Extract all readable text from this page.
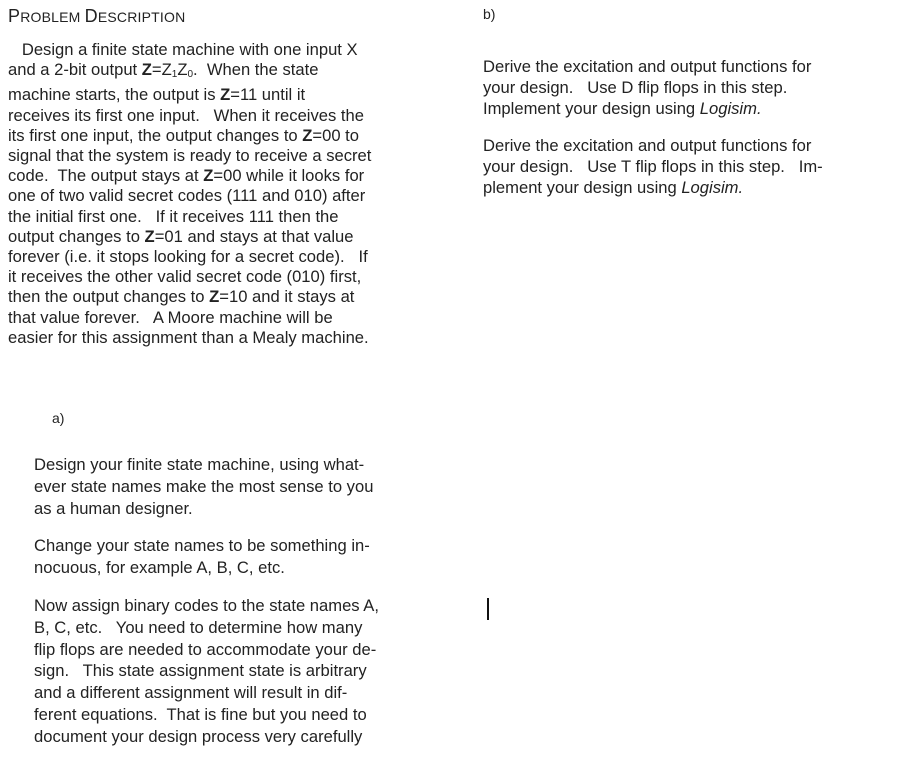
PROBLEM DESCRIPTION
Design a finite state machine with one input X
and a 2-bit output $Z=Z_1Z_0$.  When the state
machine starts, the output is Z=11 until it
receives its first one input.   When it receives the
its first one input, the output changes to Z=00 to
signal that the system is ready to receive a secret
code.  The output stays at Z=00 while it looks for
one of two valid secret codes (111 and 010) after
the initial first one.   If it receives 111 then the
output changes to Z=01 and stays at that value
forever (i.e. it stops looking for a secret code).   If
it receives the other valid secret code (010) first,
then the output changes to Z=10 and it stays at
that value forever.   A Moore machine will be
easier for this assignment than a Mealy machine.
a)
Design your finite state machine, using what-
ever state names make the most sense to you
as a human designer.
Change your state names to be something in-
nocuous, for example A, B, C, etc.
Now assign binary codes to the state names A,
B, C, etc.   You need to determine how many
flip flops are needed to accommodate your de-
sign.   This state assignment state is arbitrary
and a different assignment will result in dif-
ferent equations.  That is fine but you need to
document your design process very carefully
b)
Derive the excitation and output functions for
your design.   Use D flip flops in this step.
Implement your design using Logisim.
Derive the excitation and output functions for
your design.   Use T flip flops in this step.   Im-
plement your design using Logisim.
